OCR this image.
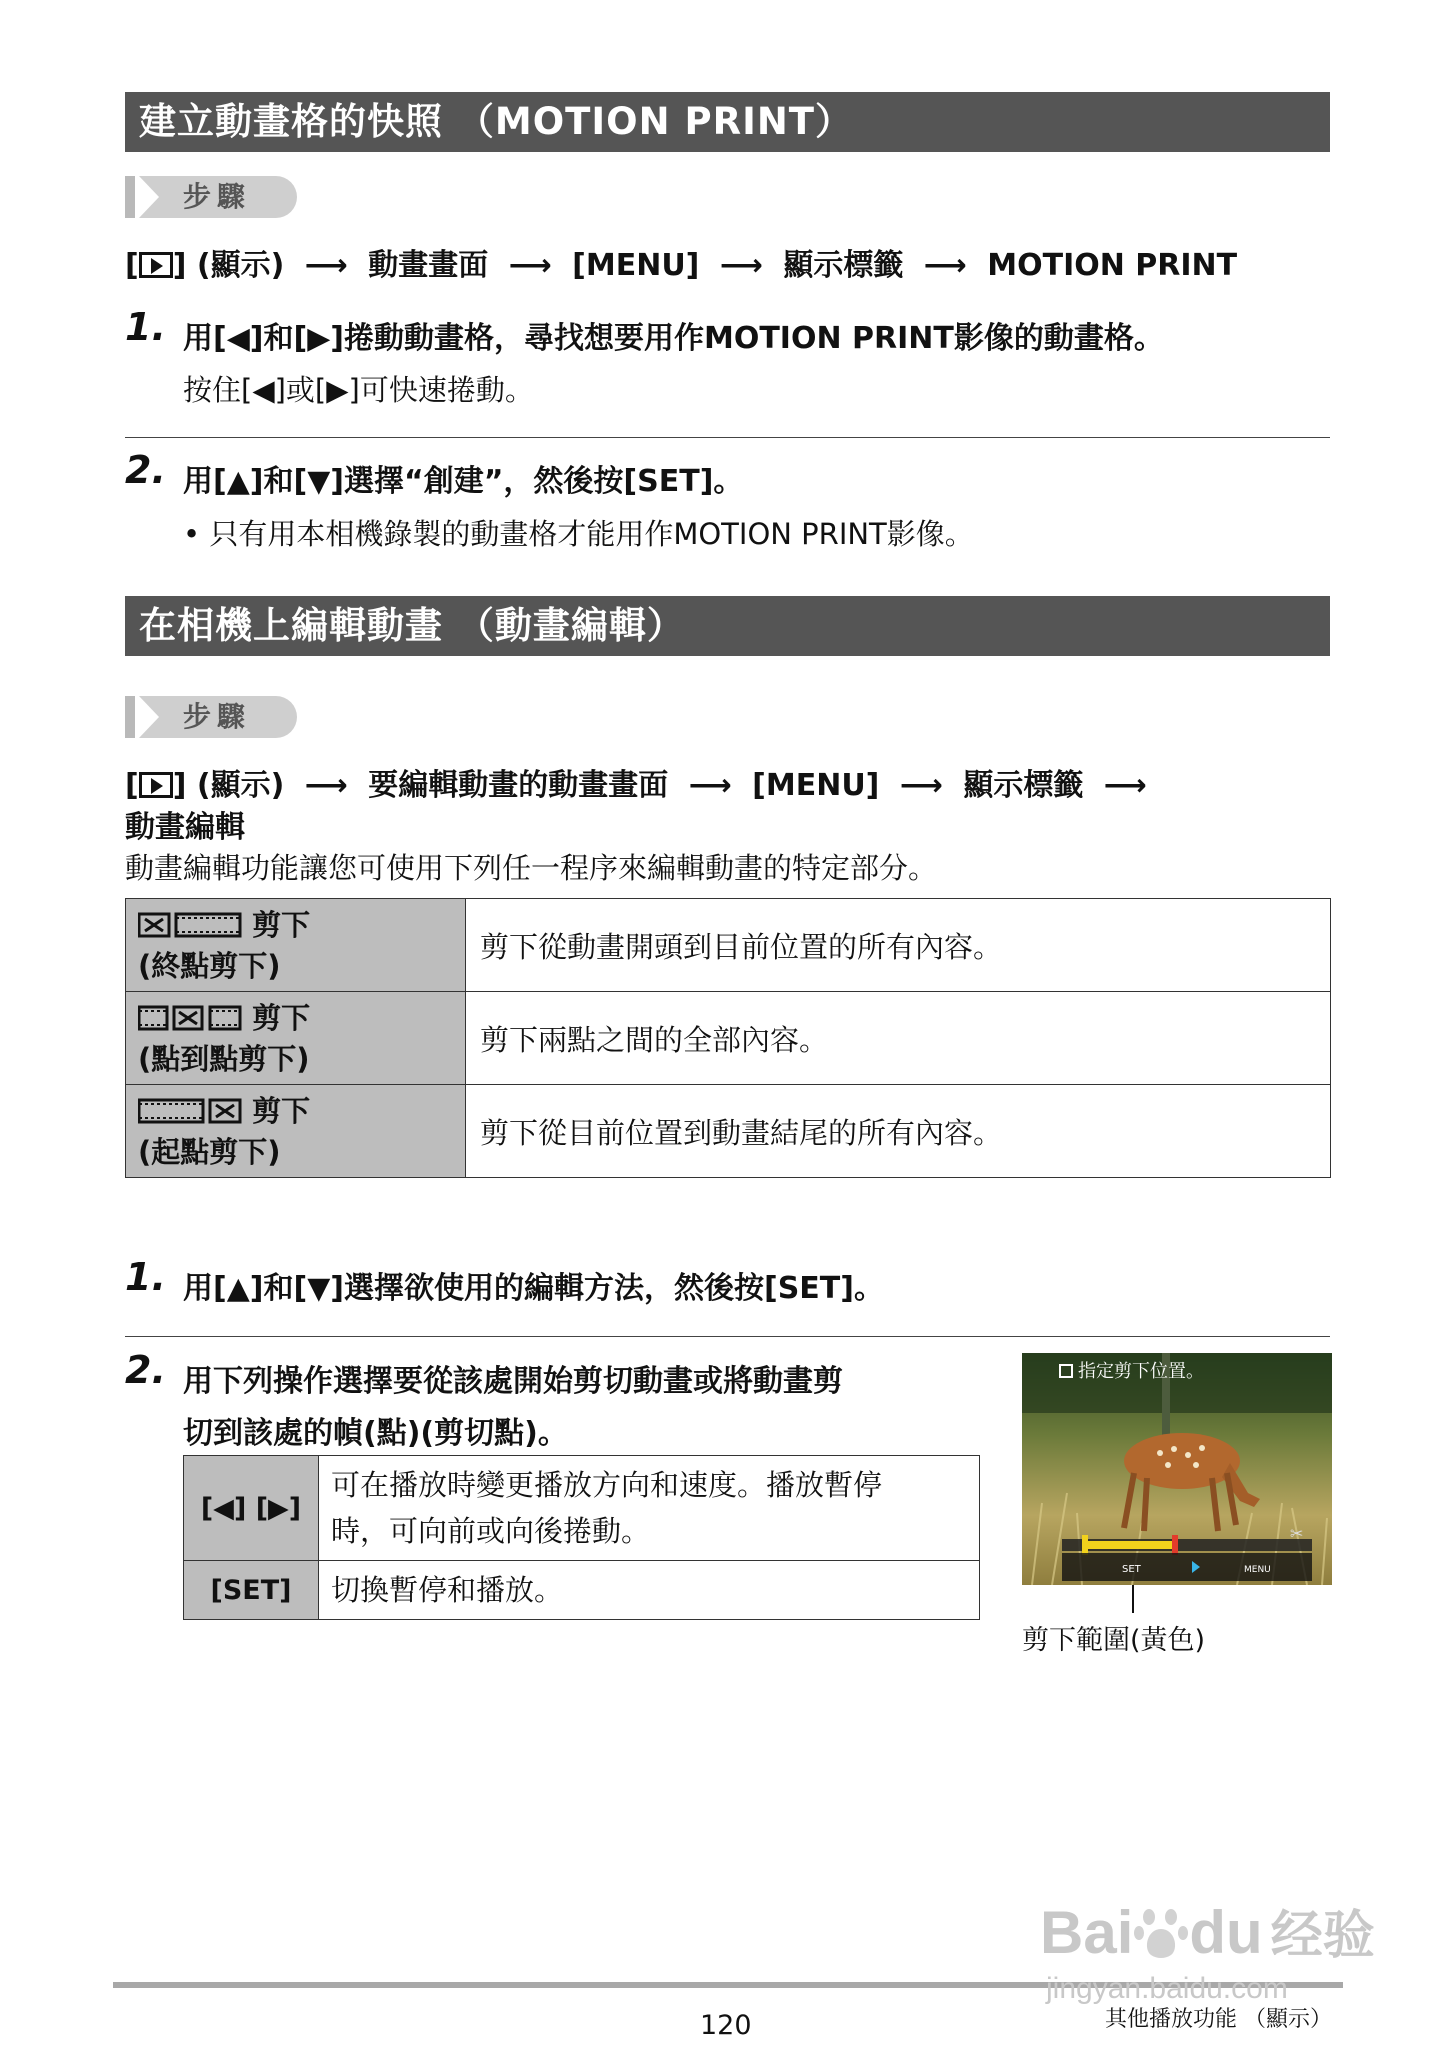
建立動畫格的快照 （MOTION PRINT）
步驟
[ ] (顯示) ⟶ 動畫畫面 ⟶ [MENU] ⟶ 顯示標籤 ⟶ MOTION PRINT
1. 用[◀]和[▶]捲動動畫格，尋找想要用作MOTION PRINT影像的動畫格。
按住[◀]或[▶]可快速捲動。
2. 用[▲]和[▼]選擇“創建”，然後按[SET]。
• 只有用本相機錄製的動畫格才能用作MOTION PRINT影像。
在相機上編輯動畫 （動畫編輯）
步驟
[ ] (顯示) ⟶ 要編輯動畫的動畫畫面 ⟶ [MENU] ⟶ 顯示標籤 ⟶
動畫編輯
動畫編輯功能讓您可使用下列任一程序來編輯動畫的特定部分。
剪下
(終點剪下)	剪下從動畫開頭到目前位置的所有內容。
剪下
(點到點剪下)	剪下兩點之間的全部內容。
剪下
(起點剪下)	剪下從目前位置到動畫結尾的所有內容。
1. 用[▲]和[▼]選擇欲使用的編輯方法，然後按[SET]。
2. 用下列操作選擇要從該處開始剪切動畫或將動畫剪
切到該處的幀(點)(剪切點)。
[◀] [▶]	可在播放時變更播放方向和速度。播放暫停
時，可向前或向後捲動。
[SET]	切換暫停和播放。
指定剪下位置。
SET	MENU
✂
剪下範圍(黃色)
120	其他播放功能 （顯示）
Bai du 经验
jingyan.baidu.com
